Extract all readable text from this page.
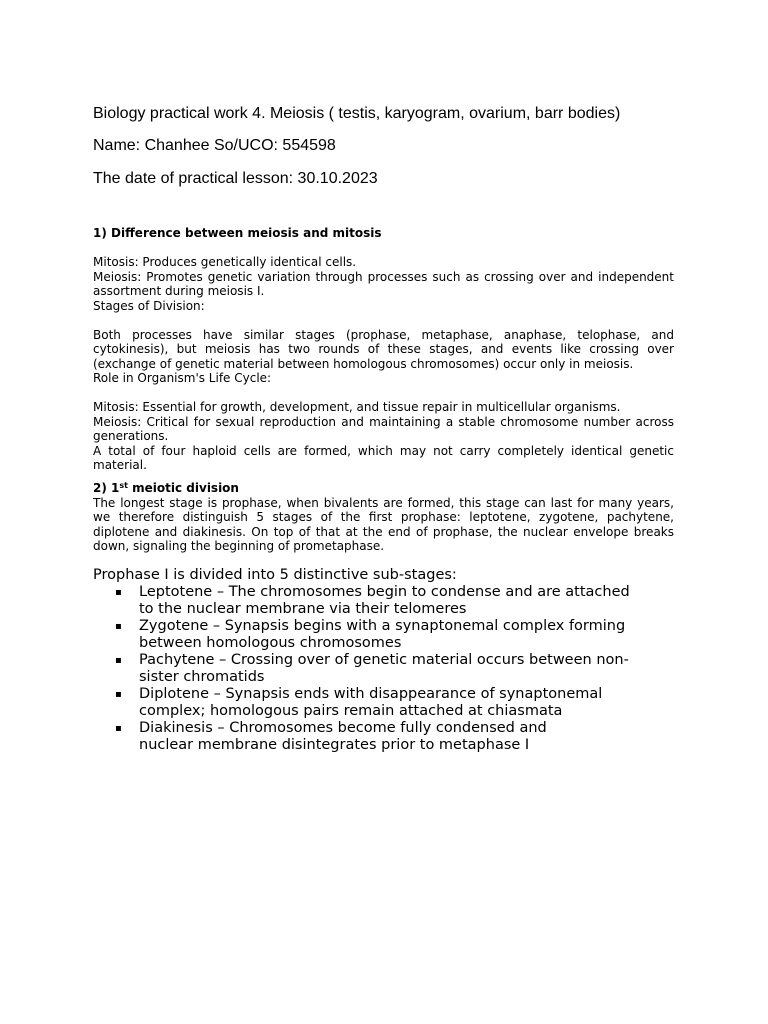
Biology practical work 4. Meiosis ( testis, karyogram, ovarium, barr bodies)
Name: Chanhee So/UCO: 554598
The date of practical lesson: 30.10.2023

1) Difference between meiosis and mitosis

Mitosis: Produces genetically identical cells.

Meiosis: Promotes genetic variation through processes such as crossing over and independent assortment during meiosis I.

Stages of Division:

Both processes have similar stages (prophase, metaphase, anaphase, telophase, and cytokinesis), but meiosis has two rounds of these stages, and events like crossing over (exchange of genetic material between homologous chromosomes) occur only in meiosis.

Role in Organism's Life Cycle:

Mitosis: Essential for growth, development, and tissue repair in multicellular organisms.

Meiosis: Critical for sexual reproduction and maintaining a stable chromosome number across generations.

A total of four haploid cells are formed, which may not carry completely identical genetic material.

2) 1st meiotic division

The longest stage is prophase, when bivalents are formed, this stage can last for many years, we therefore distinguish 5 stages of the first prophase: leptotene, zygotene, pachytene, diplotene and diakinesis. On top of that at the end of prophase, the nuclear envelope breaks down, signaling the beginning of prometaphase.

Prophase I is divided into 5 distinctive sub-stages:

▪ Leptotene – The chromosomes begin to condense and are attached
to the nuclear membrane via their telomeres
▪ Zygotene – Synapsis begins with a synaptonemal complex forming
between homologous chromosomes
▪ Pachytene – Crossing over of genetic material occurs between non-
sister chromatids
▪ Diplotene – Synapsis ends with disappearance of synaptonemal
complex; homologous pairs remain attached at chiasmata
▪ Diakinesis – Chromosomes become fully condensed and
nuclear membrane disintegrates prior to metaphase I
